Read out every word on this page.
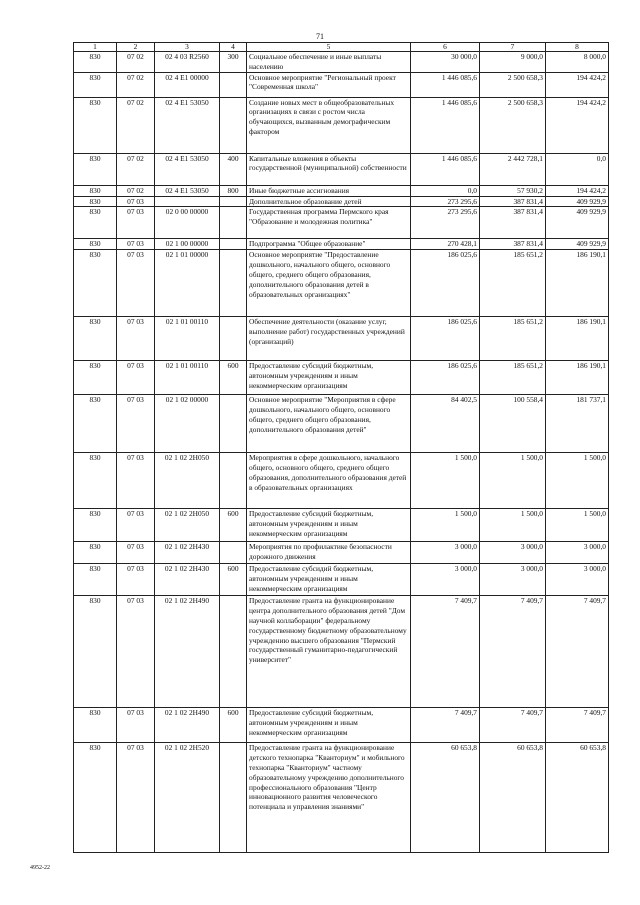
71
1	2	3	4	5	6	7	8
830	07 02	02 4 03 R2560	300	Социальное обеспечение и иные выплаты населению	30 000,0	9 000,0	8 000,0
830	07 02	02 4 E1 00000		Основное мероприятие "Региональный проект "Современная школа"	1 446 085,6	2 500 658,3	194 424,2
830	07 02	02 4 E1 53050		Создание новых мест в общеобразовательных организациях в связи с ростом числа обучающихся, вызванным демографическим фактором	1 446 085,6	2 500 658,3	194 424,2
830	07 02	02 4 E1 53050	400	Капитальные вложения в объекты государственной (муниципальной) собственности	1 446 085,6	2 442 728,1	0,0
830	07 02	02 4 E1 53050	800	Иные бюджетные ассигнования	0,0	57 930,2	194 424,2
830	07 03			Дополнительное образование детей	273 295,6	387 831,4	409 929,9
830	07 03	02 0 00 00000		Государственная программа Пермского края "Образование и молодежная политика"	273 295,6	387 831,4	409 929,9
830	07 03	02 1 00 00000		Подпрограмма "Общее образование"	270 428,1	387 831,4	409 929,9
830	07 03	02 1 01 00000		Основное мероприятие "Предоставление дошкольного, начального общего, основного общего, среднего общего образования, дополнительного образования детей в образовательных организациях"	186 025,6	185 651,2	186 190,1
830	07 03	02 1 01 00110		Обеспечение деятельности (оказание услуг, выполнение работ) государственных учреждений (организаций)	186 025,6	185 651,2	186 190,1
830	07 03	02 1 01 00110	600	Предоставление субсидий бюджетным, автономным учреждениям и иным некоммерческим организациям	186 025,6	185 651,2	186 190,1
830	07 03	02 1 02 00000		Основное мероприятие "Мероприятия в сфере дошкольного, начального общего, основного общего, среднего общего образования, дополнительного образования детей"	84 402,5	100 558,4	181 737,1
830	07 03	02 1 02 2H050		Мероприятия в сфере дошкольного, начального общего, основного общего, среднего общего образования, дополнительного образования детей в образовательных организациях	1 500,0	1 500,0	1 500,0
830	07 03	02 1 02 2H050	600	Предоставление субсидий бюджетным, автономным учреждениям и иным некоммерческим организациям	1 500,0	1 500,0	1 500,0
830	07 03	02 1 02 2H430		Мероприятия по профилактике безопасности дорожного движения	3 000,0	3 000,0	3 000,0
830	07 03	02 1 02 2H430	600	Предоставление субсидий бюджетным, автономным учреждениям и иным некоммерческим организациям	3 000,0	3 000,0	3 000,0
830	07 03	02 1 02 2H490		Предоставление гранта на функционирование центра дополнительного образования детей "Дом научной коллаборации" федеральному государственному бюджетному образовательному учреждению высшего образования "Пермский государственный гуманитарно-педагогический университет"	7 409,7	7 409,7	7 409,7
830	07 03	02 1 02 2H490	600	Предоставление субсидий бюджетным, автономным учреждениям и иным некоммерческим организациям	7 409,7	7 409,7	7 409,7
830	07 03	02 1 02 2H520		Предоставление гранта на функционирование детского технопарка "Кванториум" и мобильного технопарка "Кванториум" частному образовательному учреждению дополнительного профессионального образования "Центр инновационного развития человеческого потенциала и управления знаниями"	60 653,8	60 653,8	60 653,8
4952-22
